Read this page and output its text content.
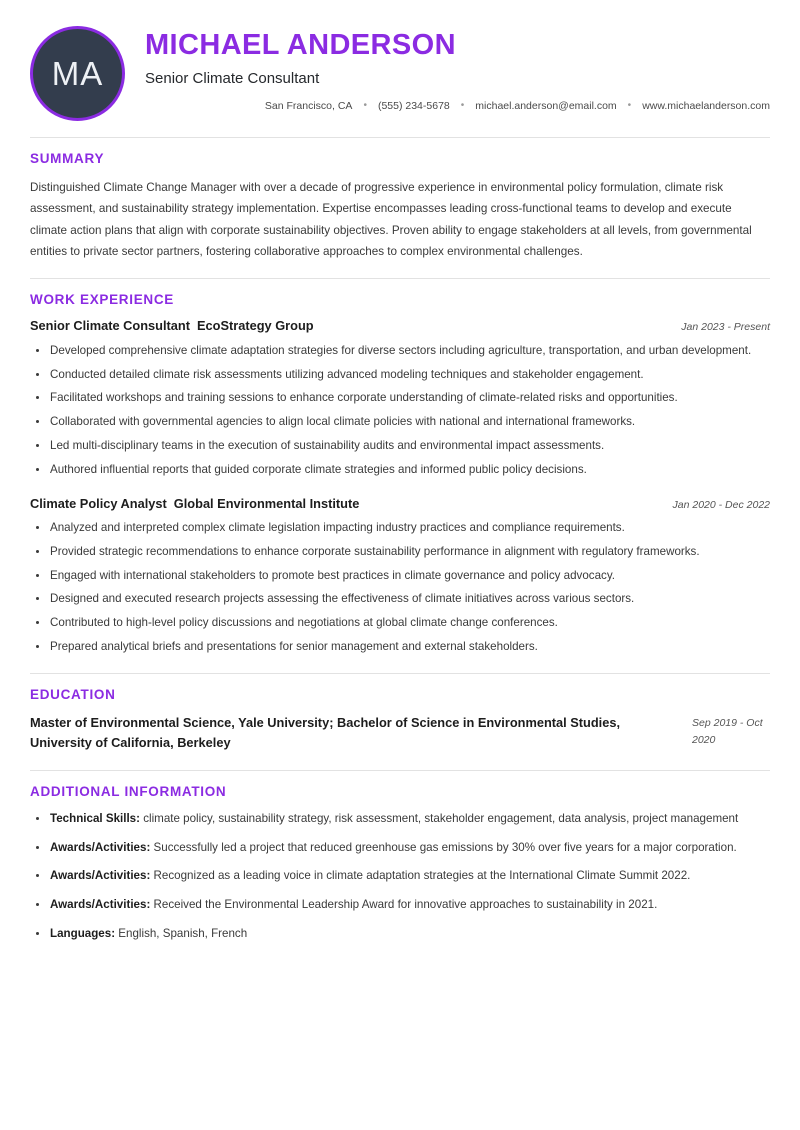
MA
MICHAEL ANDERSON
Senior Climate Consultant
San Francisco, CA	•	(555) 234-5678	•	michael.anderson@email.com	•	www.michaelanderson.com
SUMMARY

Distinguished Climate Change Manager with over a decade of progressive experience in environmental policy formulation, climate risk assessment, and sustainability strategy implementation. Expertise encompasses leading cross-functional teams to develop and execute climate action plans that align with corporate sustainability objectives. Proven ability to engage stakeholders at all levels, from governmental entities to private sector partners, fostering collaborative approaches to complex environmental challenges.

WORK EXPERIENCE
Senior Climate Consultant EcoStrategy Group	Jan 2023 - Present
Developed comprehensive climate adaptation strategies for diverse sectors including agriculture, transportation, and urban development.
Conducted detailed climate risk assessments utilizing advanced modeling techniques and stakeholder engagement.
Facilitated workshops and training sessions to enhance corporate understanding of climate-related risks and opportunities.
Collaborated with governmental agencies to align local climate policies with national and international frameworks.
Led multi-disciplinary teams in the execution of sustainability audits and environmental impact assessments.
Authored influential reports that guided corporate climate strategies and informed public policy decisions.
Climate Policy Analyst Global Environmental Institute	Jan 2020 - Dec 2022
Analyzed and interpreted complex climate legislation impacting industry practices and compliance requirements.
Provided strategic recommendations to enhance corporate sustainability performance in alignment with regulatory frameworks.
Engaged with international stakeholders to promote best practices in climate governance and policy advocacy.
Designed and executed research projects assessing the effectiveness of climate initiatives across various sectors.
Contributed to high-level policy discussions and negotiations at global climate change conferences.
Prepared analytical briefs and presentations for senior management and external stakeholders.
EDUCATION
Master of Environmental Science, Yale University; Bachelor of Science in Environmental Studies, University of California, Berkeley
Sep 2019 - Oct 2020
ADDITIONAL INFORMATION
Technical Skills: climate policy, sustainability strategy, risk assessment, stakeholder engagement, data analysis, project management
Awards/Activities: Successfully led a project that reduced greenhouse gas emissions by 30% over five years for a major corporation.
Awards/Activities: Recognized as a leading voice in climate adaptation strategies at the International Climate Summit 2022.
Awards/Activities: Received the Environmental Leadership Award for innovative approaches to sustainability in 2021.
Languages: English, Spanish, French
